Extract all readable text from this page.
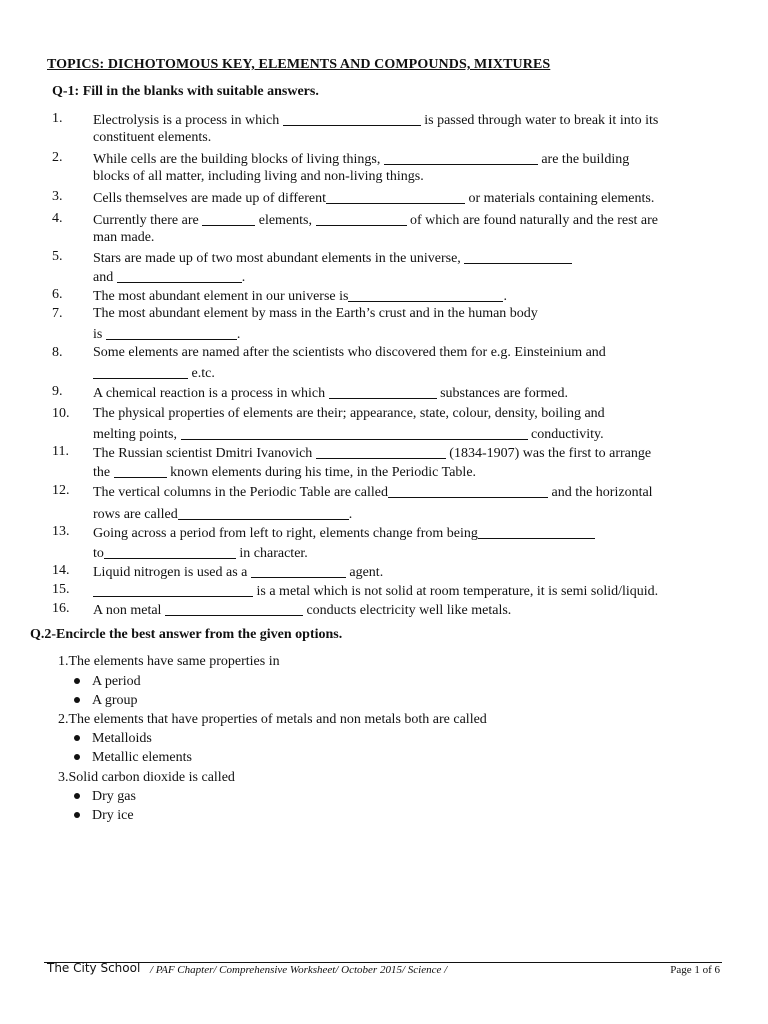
TOPICS: DICHOTOMOUS KEY, ELEMENTS AND COMPOUNDS, MIXTURES
Q-1: Fill in the blanks with suitable answers.
1. Electrolysis is a process in which	is passed through water to break it into its
constituent elements.
2. While cells are the building blocks of living things,	are the building
blocks of all matter, including living and non-living things.
3. Cells themselves are made up of different	or materials containing elements.
4. Currently there are	elements,	of which are found naturally and the rest are
man made.
5. Stars are made up of two most abundant elements in the universe,
and	.
6. The most abundant element in our universe is	.
7. The most abundant element by mass in the Earth’s crust and in the human body
is	.
8. Some elements are named after the scientists who discovered them for e.g. Einsteinium and
e.tc.
9. A chemical reaction is a process in which	substances are formed.
10. The physical properties of elements are their; appearance, state, colour, density, boiling and
melting points,	conductivity.
11. The Russian scientist Dmitri Ivanovich	(1834-1907) was the first to arrange
the	known elements during his time, in the Periodic Table.
12. The vertical columns in the Periodic Table are called	and the horizontal
rows are called	.
13. Going across a period from left to right, elements change from being
to	in character.
14. Liquid nitrogen is used as a	agent.
15.	is a metal which is not solid at room temperature, it is semi solid/liquid.
16. A non metal	conducts electricity well like metals.
Q.2-Encircle the best answer from the given options.
1.The elements have same properties in
A period
A group
2.The elements that have properties of metals and non metals both are called
Metalloids
Metallic elements
3.Solid carbon dioxide is called
Dry gas
Dry ice
The City School / PAF Chapter/ Comprehensive Worksheet/ October 2015/ Science /	Page 1 of 6
